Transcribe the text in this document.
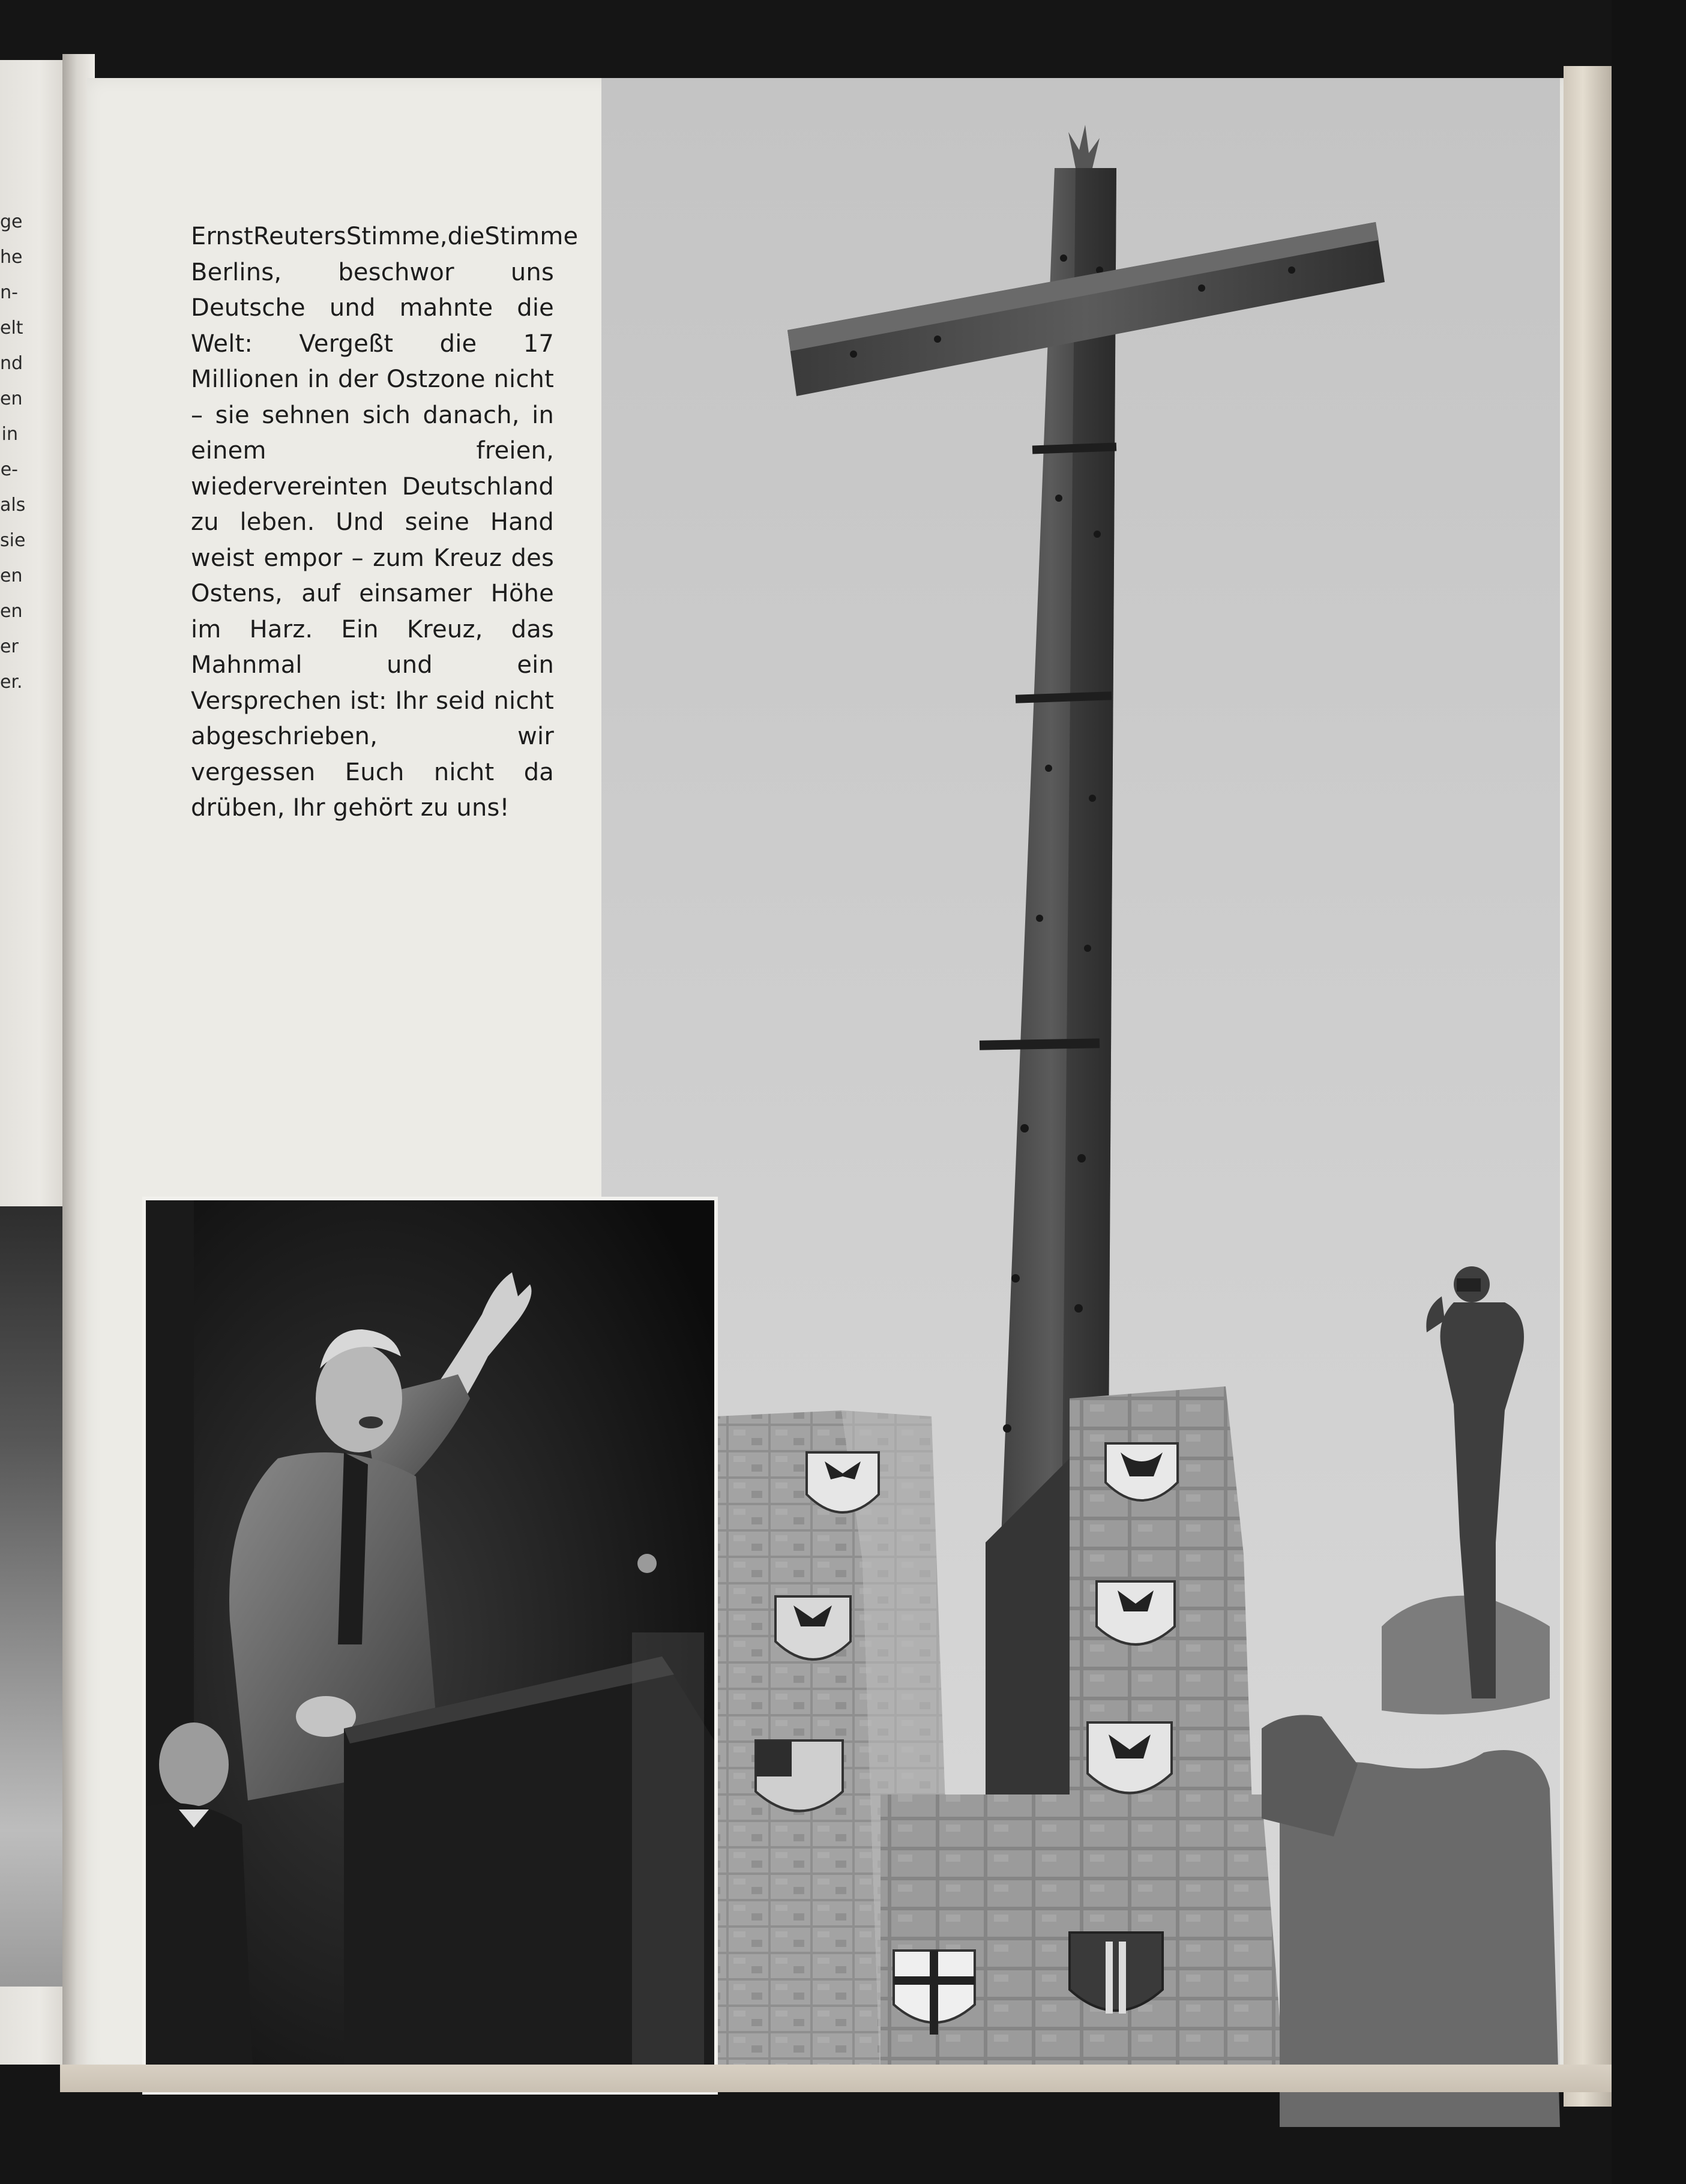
ge
he
n-
elt
nd
en
in
e-
als
sie
en
en
er
er.
ErnstReutersStimme,dieStimme Berlins, beschwor uns Deutsche und mahnte die Welt: Vergeßt die 17 Millionen in der Ostzone nicht – sie sehnen sich danach, in einem freien, wiedervereinten Deutschland zu leben. Und seine Hand weist empor – zum Kreuz des Ostens, auf einsamer Höhe im Harz. Ein Kreuz, das Mahnmal und ein Versprechen ist: Ihr seid nicht abgeschrieben, wir vergessen Euch nicht da drüben, Ihr gehört zu uns!
